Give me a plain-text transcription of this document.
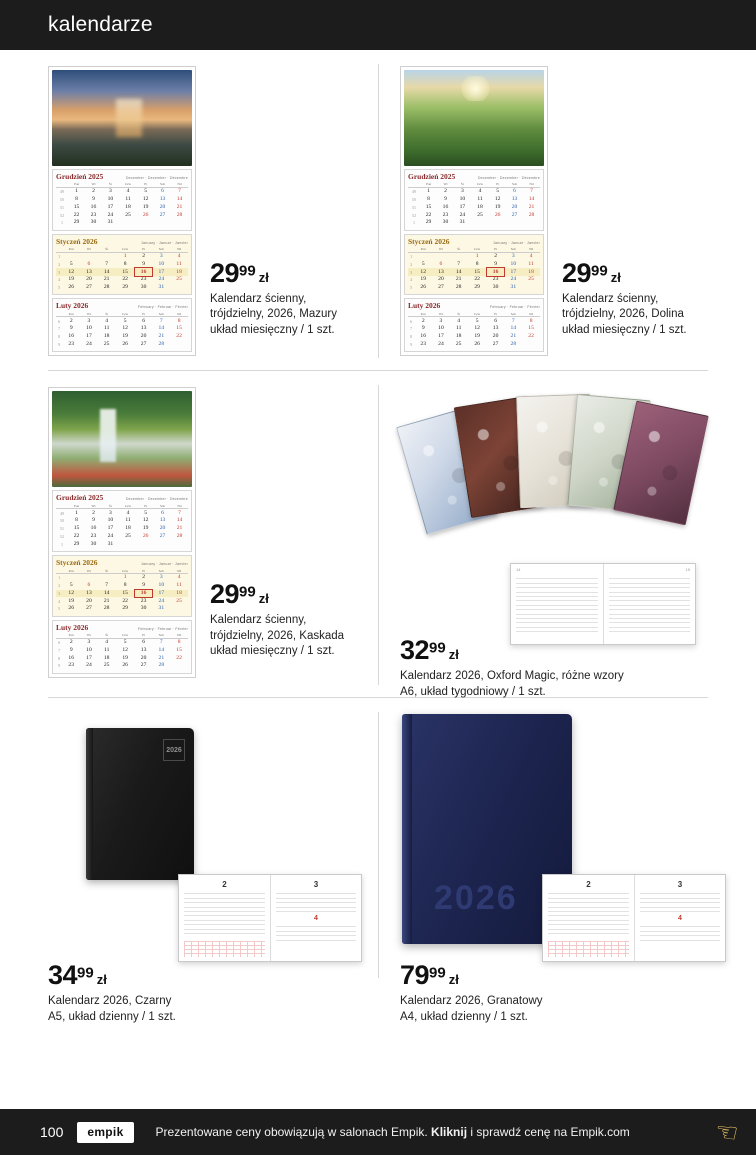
kalendarze
Grudzień 2025	December · Dezember · Décembre
	Pon	Wt	Śr	Czw	Pt	Sob	Nd
49	1	2	3	4	5	6	7
50	8	9	10	11	12	13	14
51	15	16	17	18	19	20	21
52	22	23	24	25	26	27	28
1	29	30	31				
Styczeń 2026	January · Januar · Janvier
	Pon	Wt	Śr	Czw	Pt	Sob	Nd
1				1	2	3	4
2	5	6	7	8	9	10	11
3	12	13	14	15	16	17	18
4	19	20	21	22	23	24	25
5	26	27	28	29	30	31	
Luty 2026	February · Februar · Février
	Pon	Wt	Śr	Czw	Pt	Sob	Nd
6	2	3	4	5	6	7	8
7	9	10	11	12	13	14	15
8	16	17	18	19	20	21	22
9	23	24	25	26	27	28	
2999 zł
Kalendarz ścienny,
trójdzielny, 2026, Mazury
układ miesięczny / 1 szt.
Grudzień 2025	December · Dezember · Décembre
	Pon	Wt	Śr	Czw	Pt	Sob	Nd
49	1	2	3	4	5	6	7
50	8	9	10	11	12	13	14
51	15	16	17	18	19	20	21
52	22	23	24	25	26	27	28
1	29	30	31				
Styczeń 2026	January · Januar · Janvier
	Pon	Wt	Śr	Czw	Pt	Sob	Nd
1				1	2	3	4
2	5	6	7	8	9	10	11
3	12	13	14	15	16	17	18
4	19	20	21	22	23	24	25
5	26	27	28	29	30	31	
Luty 2026	February · Februar · Février
	Pon	Wt	Śr	Czw	Pt	Sob	Nd
6	2	3	4	5	6	7	8
7	9	10	11	12	13	14	15
8	16	17	18	19	20	21	22
9	23	24	25	26	27	28	
2999 zł
Kalendarz ścienny,
trójdzielny, 2026, Dolina
układ miesięczny / 1 szt.
Grudzień 2025	December · Dezember · Décembre
	Pon	Wt	Śr	Czw	Pt	Sob	Nd
49	1	2	3	4	5	6	7
50	8	9	10	11	12	13	14
51	15	16	17	18	19	20	21
52	22	23	24	25	26	27	28
1	29	30	31				
Styczeń 2026	January · Januar · Janvier
	Pon	Wt	Śr	Czw	Pt	Sob	Nd
1				1	2	3	4
2	5	6	7	8	9	10	11
3	12	13	14	15	16	17	18
4	19	20	21	22	23	24	25
5	26	27	28	29	30	31	
Luty 2026	February · Februar · Février
	Pon	Wt	Śr	Czw	Pt	Sob	Nd
6	2	3	4	5	6	7	8
7	9	10	11	12	13	14	15
8	16	17	18	19	20	21	22
9	23	24	25	26	27	28	
2999 zł
Kalendarz ścienny,
trójdzielny, 2026, Kaskada
układ miesięczny / 1 szt.
14	15
3299 zł
Kalendarz 2026, Oxford Magic, różne wzory
A6, układ tygodniowy / 1 szt.
2026

2	3
4
3499 zł
Kalendarz 2026, Czarny
A5, układ dzienny / 1 szt.
2026
	2	3
4
7999 zł
Kalendarz 2026, Granatowy
A4, układ dzienny / 1 szt.
100	empik	Prezentowane ceny obowiązują w salonach Empik. Kliknij i sprawdź cenę na Empik.com	☜
